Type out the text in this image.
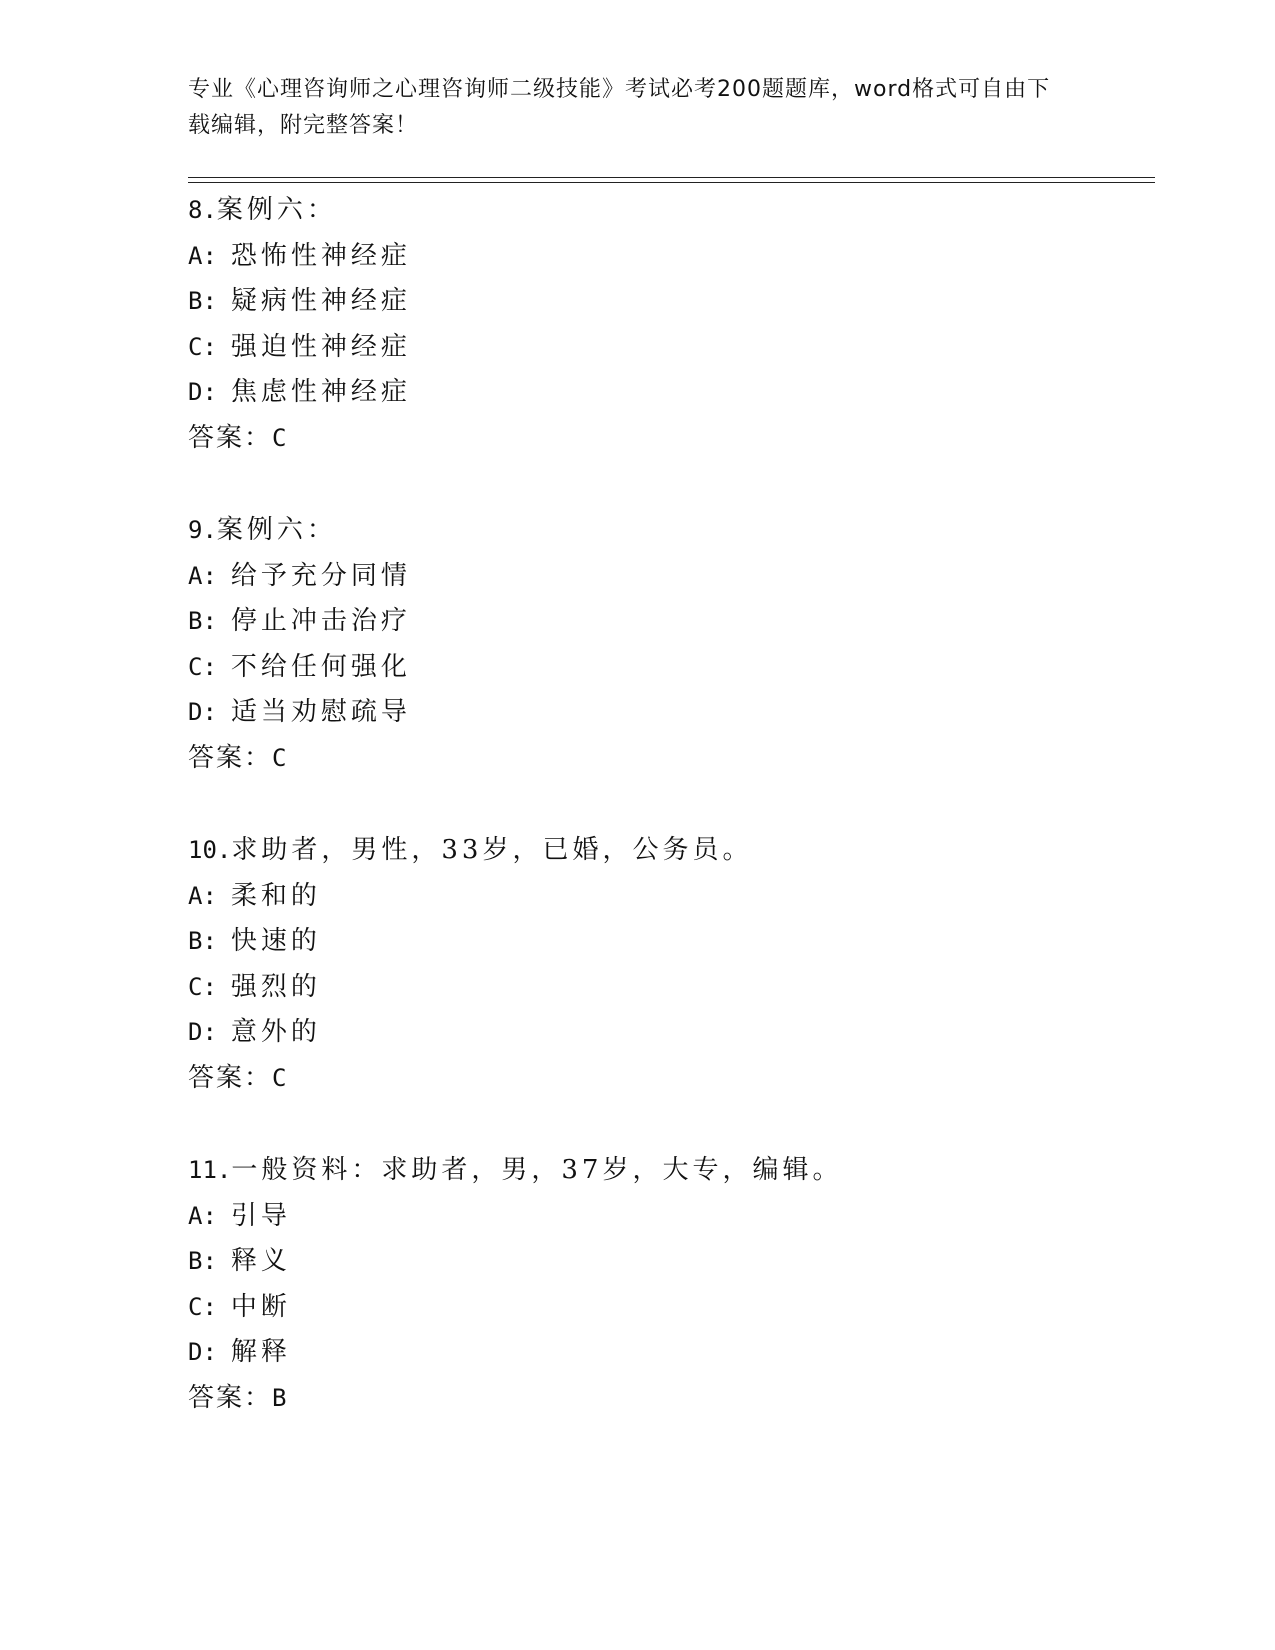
专业《心理咨询师之心理咨询师二级技能》考试必考200题题库，word格式可自由下载编辑，附完整答案！
8.案例六：
A: 恐怖性神经症
B: 疑病性神经症
C: 强迫性神经症
D: 焦虑性神经症
答案：C
9.案例六：
A: 给予充分同情
B: 停止冲击治疗
C: 不给任何强化
D: 适当劝慰疏导
答案：C
10.求助者，男性，33岁，已婚，公务员。
A: 柔和的
B: 快速的
C: 强烈的
D: 意外的
答案：C
11.一般资料：求助者，男，37岁，大专，编辑。
A: 引导
B: 释义
C: 中断
D: 解释
答案：B
